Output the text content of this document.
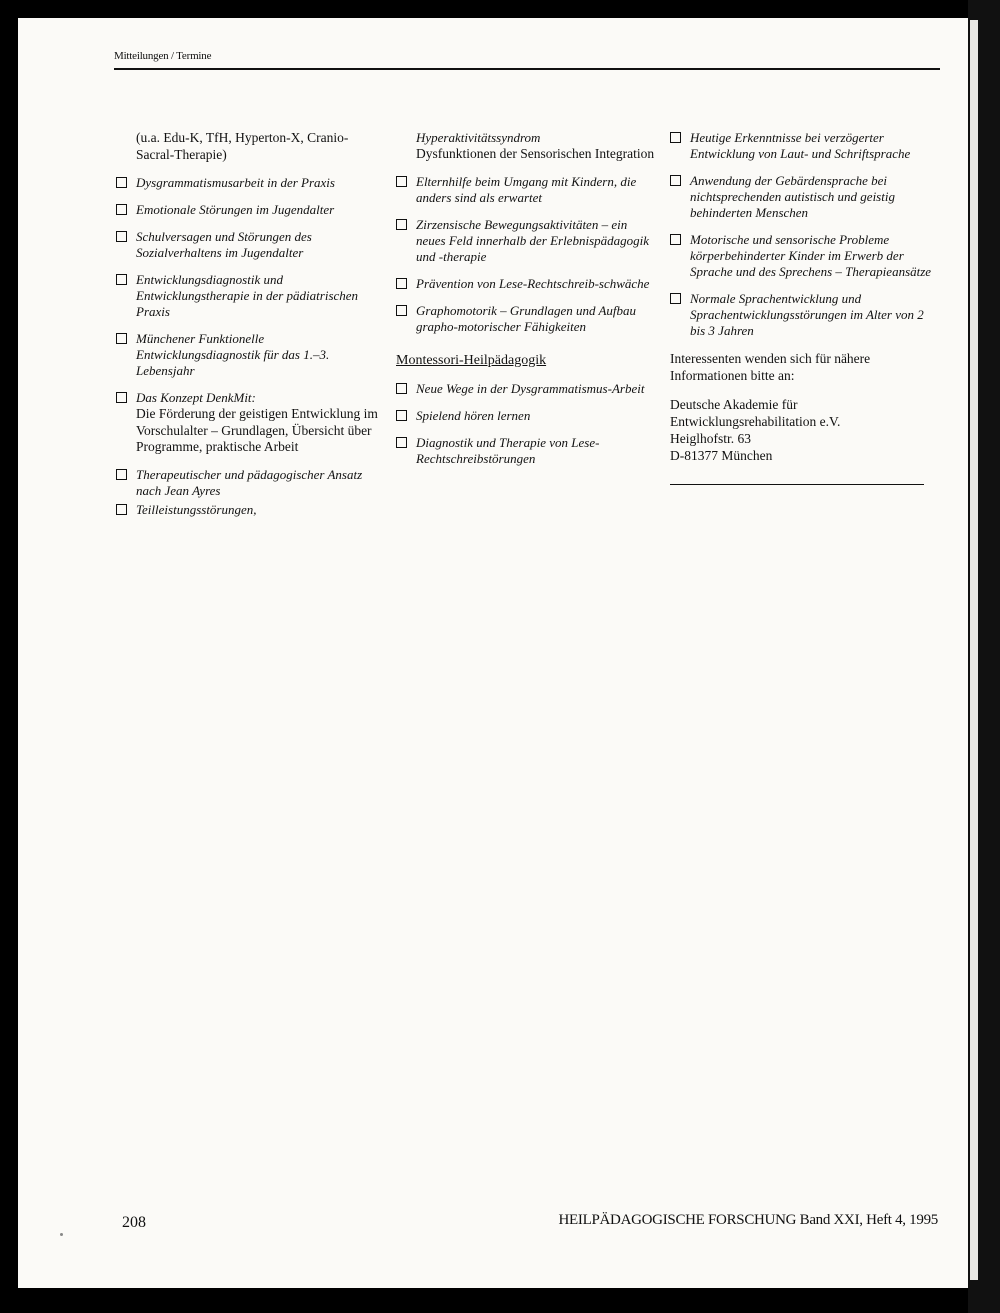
Mitteilungen / Termine
(u.a. Edu-K, TfH, Hyperton-X, Cranio-Sacral-Therapie)
Dysgrammatismusarbeit in der Praxis
Emotionale Störungen im Jugendalter
Schulversagen und Störungen des Sozialverhaltens im Jugendalter
Entwicklungsdiagnostik und Entwicklungstherapie in der pädiatrischen Praxis
Münchener Funktionelle Entwicklungsdiagnostik für das 1.–3. Lebensjahr
Das Konzept DenkMit:
Die Förderung der geistigen Entwicklung im Vorschulalter – Grundlagen, Übersicht über Programme, praktische Arbeit
Therapeutischer und pädagogischer Ansatz nach Jean Ayres
Teilleistungsstörungen,
Hyperaktivitätssyndrom
Dysfunktionen der Sensorischen Integration
Elternhilfe beim Umgang mit Kindern, die anders sind als erwartet
Zirzensische Bewegungsaktivitäten – ein neues Feld innerhalb der Erlebnispädagogik und -therapie
Prävention von Lese-Rechtschreib-schwäche
Graphomotorik – Grundlagen und Aufbau grapho-motorischer Fähigkeiten
Montessori-Heilpädagogik
Neue Wege in der Dysgrammatismus-Arbeit
Spielend hören lernen
Diagnostik und Therapie von Lese-Rechtschreibstörungen
Heutige Erkenntnisse bei verzögerter Entwicklung von Laut- und Schriftsprache
Anwendung der Gebärdensprache bei nichtsprechenden autistisch und geistig behinderten Menschen
Motorische und sensorische Probleme körperbehinderter Kinder im Erwerb der Sprache und des Sprechens – Therapieansätze
Normale Sprachentwicklung und Sprachentwicklungsstörungen im Alter von 2 bis 3 Jahren
Interessenten wenden sich für nähere Informationen bitte an:
Deutsche Akademie für
Entwicklungsrehabilitation e.V.
Heiglhofstr. 63
D-81377 München
208	HEILPÄDAGOGISCHE FORSCHUNG Band XXI, Heft 4, 1995
